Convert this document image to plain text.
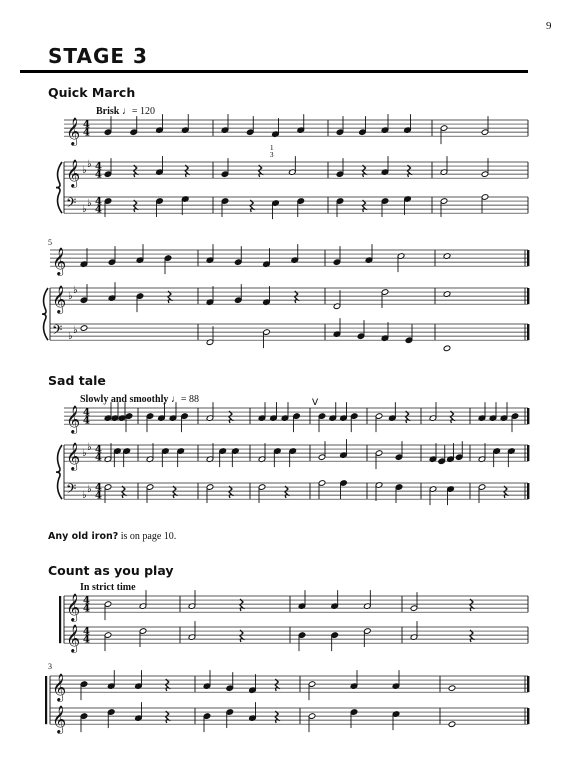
9
STAGE 3
Quick March
Brisk ♩= 120
Sad tale
Slowly and smoothly ♩= 88
Any old iron? is on page 10.
Count as you play
In strict time
5
3
𝄞 4
4
𝄞 ♭
♭ 4
4
𝄢 ♭
♭ 4
4
𝄞
𝄞 ♭
♭
𝄢 ♭
♭
𝄞 4
4
𝄞 ♭
♭ 4
4
𝄢 ♭
♭ 4
4
𝄞 4
4
𝄞 4
4
𝄞
𝄞
1
3
V
